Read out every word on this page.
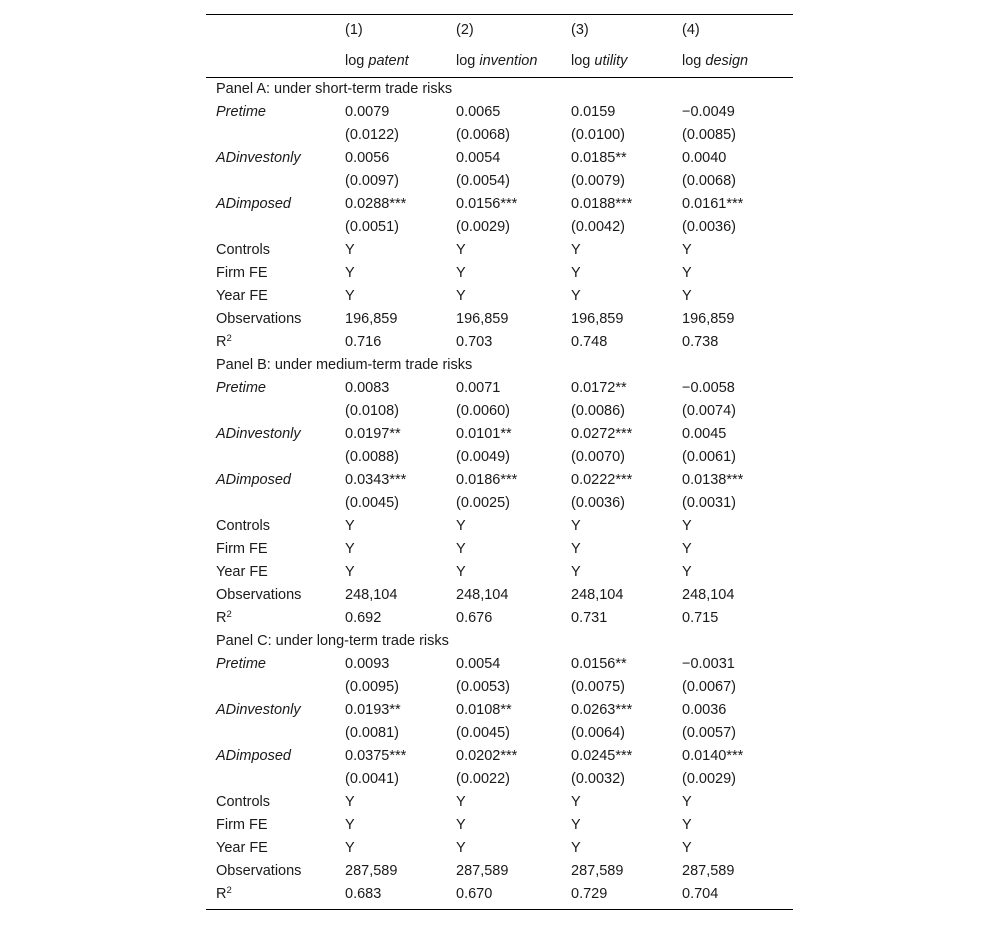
	(1)	(2)	(3)	(4)
	log patent	log invention	log utility	log design
Panel A: under short-term trade risks				
Pretime	0.0079	0.0065	0.0159	−0.0049
	(0.0122)	(0.0068)	(0.0100)	(0.0085)
ADinvestonly	0.0056	0.0054	0.0185**	0.0040
	(0.0097)	(0.0054)	(0.0079)	(0.0068)
ADimposed	0.0288***	0.0156***	0.0188***	0.0161***
	(0.0051)	(0.0029)	(0.0042)	(0.0036)
Controls	Y	Y	Y	Y
Firm FE	Y	Y	Y	Y
Year FE	Y	Y	Y	Y
Observations	196,859	196,859	196,859	196,859
$R^2$	0.716	0.703	0.748	0.738
Panel B: under medium-term trade risks				
Pretime	0.0083	0.0071	0.0172**	−0.0058
	(0.0108)	(0.0060)	(0.0086)	(0.0074)
ADinvestonly	0.0197**	0.0101**	0.0272***	0.0045
	(0.0088)	(0.0049)	(0.0070)	(0.0061)
ADimposed	0.0343***	0.0186***	0.0222***	0.0138***
	(0.0045)	(0.0025)	(0.0036)	(0.0031)
Controls	Y	Y	Y	Y
Firm FE	Y	Y	Y	Y
Year FE	Y	Y	Y	Y
Observations	248,104	248,104	248,104	248,104
$R^2$	0.692	0.676	0.731	0.715
Panel C: under long-term trade risks				
Pretime	0.0093	0.0054	0.0156**	−0.0031
	(0.0095)	(0.0053)	(0.0075)	(0.0067)
ADinvestonly	0.0193**	0.0108**	0.0263***	0.0036
	(0.0081)	(0.0045)	(0.0064)	(0.0057)
ADimposed	0.0375***	0.0202***	0.0245***	0.0140***
	(0.0041)	(0.0022)	(0.0032)	(0.0029)
Controls	Y	Y	Y	Y
Firm FE	Y	Y	Y	Y
Year FE	Y	Y	Y	Y
Observations	287,589	287,589	287,589	287,589
$R^2$	0.683	0.670	0.729	0.704
